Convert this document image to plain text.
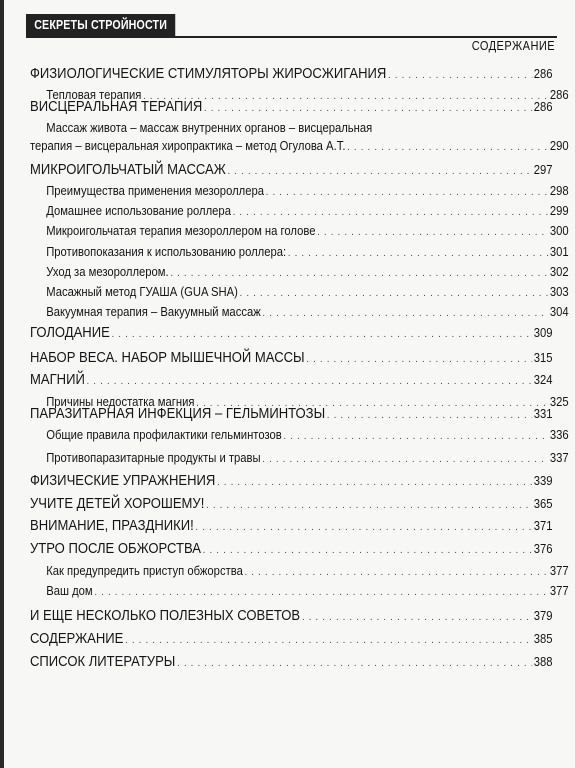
СЕКРЕТЫ СТРОЙНОСТИ
СОДЕРЖАНИЕ
ФИЗИОЛОГИЧЕСКИЕ СТИМУЛЯТОРЫ ЖИРОСЖИГАНИЯ . . .	286
Тепловая терапия . . .	286
ВИСЦЕРАЛЬНАЯ ТЕРАПИЯ . . .	286
Массаж живота – массаж внутренних органов – висцеральная
терапия – висцеральная хиропрактика – метод Огулова А.Т. . . .	290
МИКРОИГОЛЬЧАТЫЙ МАССАЖ . . .	297
Преимущества применения мезороллера . . .	298
Домашнее использование роллера . . .	299
Микроигольчатая терапия мезороллером на голове . . .	300
Противопоказания к использованию роллера: . . .	301
Уход за мезороллером. . . .	302
Масажный метод ГУАША (GUA SHA) . . .	303
Вакуумная терапия – Вакуумный массаж . . .	304
ГОЛОДАНИЕ . . .	309
НАБОР ВЕСА. НАБОР МЫШЕЧНОЙ МАССЫ . . .	315
МАГНИЙ . . .	324
Причины недостатка магния . . .	325
ПАРАЗИТАРНАЯ ИНФЕКЦИЯ – ГЕЛЬМИНТОЗЫ . . .	331
Общие правила профилактики гельминтозов . . .	336
Противопаразитарные продукты и травы . . .	337
ФИЗИЧЕСКИЕ УПРАЖНЕНИЯ . . .	339
УЧИТЕ ДЕТЕЙ ХОРОШЕМУ! . . .	365
ВНИМАНИЕ, ПРАЗДНИКИ! . . .	371
УТРО ПОСЛЕ ОБЖОРСТВА . . .	376
Как предупредить приступ обжорства . . .	377
Ваш дом . . .	377
И ЕЩЕ НЕСКОЛЬКО ПОЛЕЗНЫХ СОВЕТОВ . . .	379
СОДЕРЖАНИЕ . . .	385
СПИСОК ЛИТЕРАТУРЫ . . .	388
